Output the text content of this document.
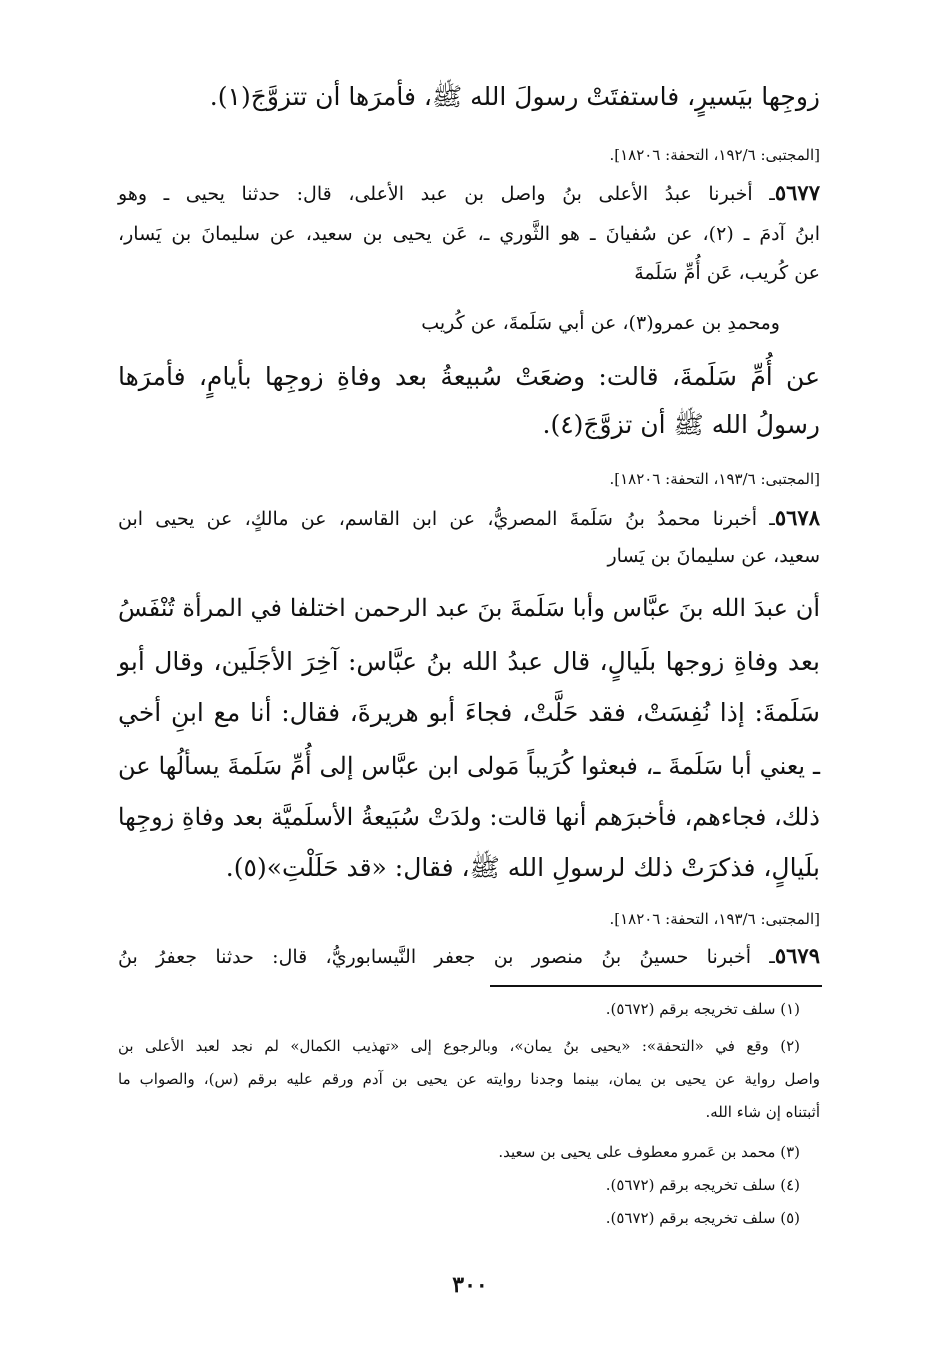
زوجِها بيَسيرٍ، فاستفتَتْ رسولَ الله ﷺ، فأمرَها أن تتزوَّجَ(١).

[المجتبى: ١٩٢/٦، التحفة: ١٨٢٠٦].

٥٦٧٧ـ أخبرنا عبدُ الأعلى بنُ واصل بن عبد الأعلى، قال: حدثنا يحيى ـ وهو

ابنُ آدمَ ـ (٢)، عن سُفيانَ ـ هو الثَّوري ـ، عَن يحيى بن سعيد، عن سليمانَ بن يَسار،

عن كُريب، عَن أُمِّ سَلَمةَ

ومحمدِ بن عمرو(٣)، عن أبي سَلَمةَ، عن كُريب

عن أُمِّ سَلَمةَ، قالت: وضعَتْ سُبيعةُ بعد وفاةِ زوجِها بأيامٍ، فأمرَها

رسولُ الله ﷺ أن تزوَّجَ(٤).

[المجتبى: ١٩٣/٦، التحفة: ١٨٢٠٦].

٥٦٧٨ـ أخبرنا محمدُ بنُ سَلَمةَ المصريُّ، عن ابن القاسم، عن مالكٍ، عن يحيى ابن

سعيد، عن سليمانَ بن يَسار

أن عبدَ الله بنَ عبَّاس وأبا سَلَمةَ بنَ عبد الرحمن اختلفا في المرأة تُنْفَسُ

بعد وفاةِ زوجها بلَيالٍ، قال عبدُ الله بنُ عبَّاس: آخِرَ الأجَلَين، وقال أبو

سَلَمةَ: إذا نُفِسَتْ، فقد حَلَّتْ، فجاءَ أبو هريرةَ، فقال: أنا مع ابنِ أخي

ـ يعني أبا سَلَمةَ ـ، فبعثوا كُرَيباً مَولى ابن عبَّاس إلى أُمِّ سَلَمةَ يسألُها عن

ذلك، فجاءهم، فأخبرَهم أنها قالت: ولدَتْ سُبَيعةُ الأسلَميَّة بعد وفاةِ زوجِها

بلَيالٍ، فذكرَتْ ذلك لرسولِ الله ﷺ، فقال: «قد حَلَلْتِ»(٥).

[المجتبى: ١٩٣/٦، التحفة: ١٨٢٠٦].

٥٦٧٩ـ أخبرنا حسينُ بنُ منصور بن جعفر النَّيسابوريُّ، قال: حدثنا جعفرُ بنُ

(١) سلف تخريجه برقم (٥٦٧٢).

(٢) وقع في «التحفة»: «يحيى بنُ يمان»، وبالرجوع إلى «تهذيب الكمال» لم نجد لعبد الأعلى بن

واصل رواية عن يحيى بن يمان، بينما وجدنا روايته عن يحيى بن آدم ورقم عليه برقم (س)، والصواب ما

أثبتناه إن شاء الله.

(٣) محمد بن عَمرو معطوف على يحيى بن سعيد.

(٤) سلف تخريجه برقم (٥٦٧٢).

(٥) سلف تخريجه برقم (٥٦٧٢).

٣٠٠
